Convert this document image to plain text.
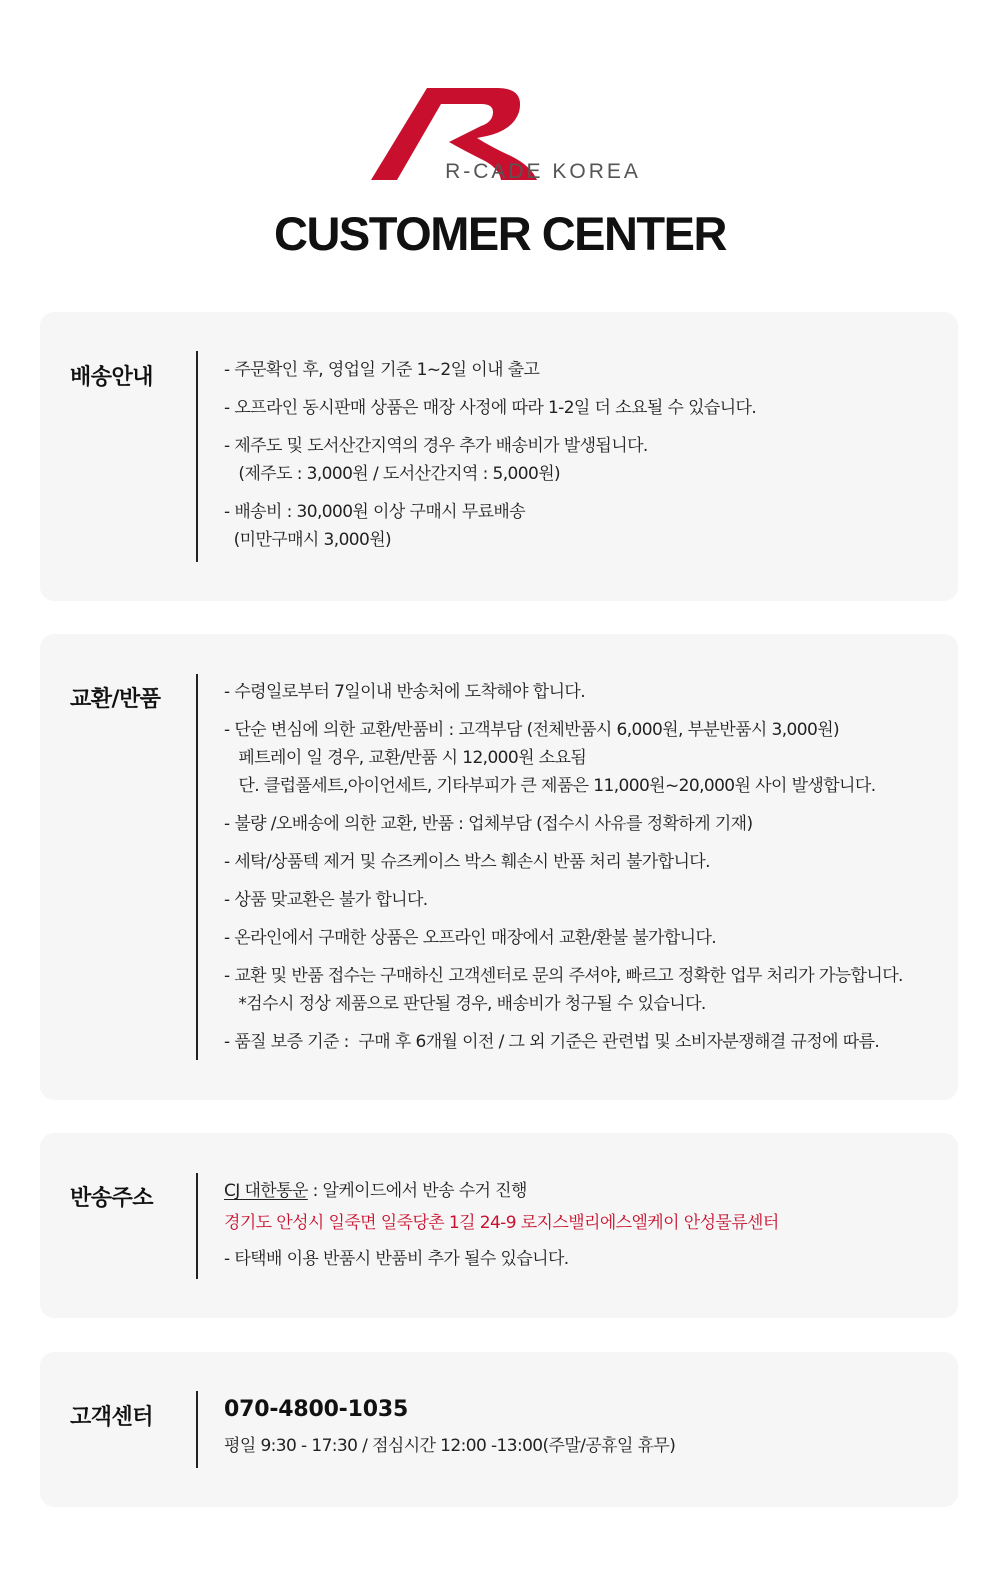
R-CADE KOREA
CUSTOMER CENTER
배송안내	- 주문확인 후, 영업일 기준 1~2일 이내 출고
- 오프라인 동시판매 상품은 매장 사정에 따라 1-2일 더 소요될 수 있습니다.
- 제주도 및 도서산간지역의 경우 추가 배송비가 발생됩니다.
(제주도 : 3,000원 / 도서산간지역 : 5,000원)
- 배송비 : 30,000원 이상 구매시 무료배송
(미만구매시 3,000원)
교환/반품	- 수령일로부터 7일이내 반송처에 도착해야 합니다.
- 단순 변심에 의한 교환/반품비 : 고객부담 (전체반품시 6,000원, 부분반품시 3,000원)
페트레이 일 경우, 교환/반품 시 12,000원 소요됨
단. 클럽풀세트,아이언세트, 기타부피가 큰 제품은 11,000원~20,000원 사이 발생합니다.
- 불량 /오배송에 의한 교환, 반품 : 업체부담 (접수시 사유를 정확하게 기재)
- 세탁/상품텍 제거 및 슈즈케이스 박스 훼손시 반품 처리 불가합니다.
- 상품 맞교환은 불가 합니다.
- 온라인에서 구매한 상품은 오프라인 매장에서 교환/환불 불가합니다.
- 교환 및 반품 접수는 구매하신 고객센터로 문의 주셔야, 빠르고 정확한 업무 처리가 가능합니다.
*검수시 정상 제품으로 판단될 경우, 배송비가 청구될 수 있습니다.
- 품질 보증 기준 :  구매 후 6개월 이전 / 그 외 기준은 관련법 및 소비자분쟁해결 규정에 따름.
반송주소	CJ 대한통운 : 알케이드에서 반송 수거 진행
경기도 안성시 일죽면 일죽당촌 1길 24-9 로지스밸리에스엘케이 안성물류센터
- 타택배 이용 반품시 반품비 추가 될수 있습니다.
고객센터	070-4800-1035
평일 9:30 - 17:30 / 점심시간 12:00 -13:00(주말/공휴일 휴무)
